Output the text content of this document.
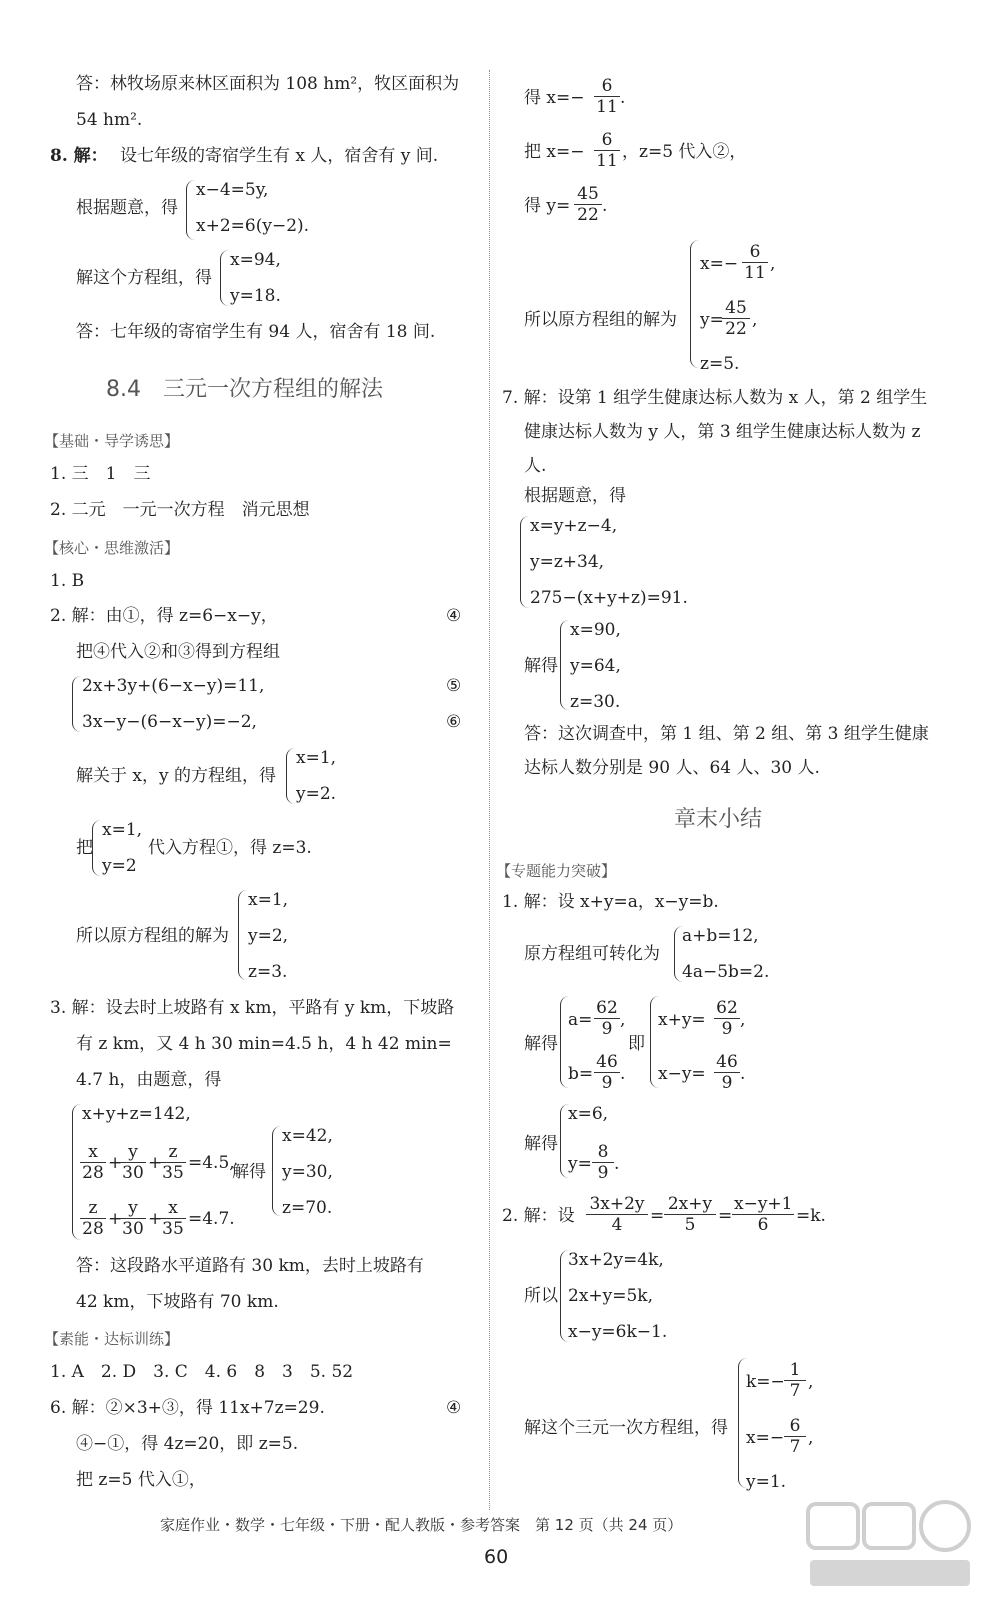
答：林牧场原来林区面积为 108 hm²，牧区面积为
54 hm².
8. 解： 设七年级的寄宿学生有 x 人，宿舍有 y 间.
根据题意，得
x−4=5y,
x+2=6(y−2).
解这个方程组，得
x=94,
y=18.
答：七年级的寄宿学生有 94 人，宿舍有 18 间.
8.4　三元一次方程组的解法
【基础・导学诱思】
1. 三　1　三
2. 二元　一元一次方程　消元思想
【核心・思维激活】
1. B
2. 解：由①，得 z=6−x−y，	④
把④代入②和③得到方程组
2x+3y+(6−x−y)=11,	⑤
3x−y−(6−x−y)=−2,	⑥
解关于 x，y 的方程组，得
x=1,
y=2.
把
x=1,
y=2
代入方程①，得 z=3.
所以原方程组的解为
x=1,
y=2,
z=3.
3. 解：设去时上坡路有 x km，平路有 y km，下坡路
有 z km，又 4 h 30 min=4.5 h，4 h 42 min=
4.7 h，由题意，得
x+y+z=142,
$\frac{x}{28}$ +
$\frac{y}{30}$ +
$\frac{z}{35} =4.5$,
解得
x=42,
y=30,
z=70.
$\frac{z}{28}$ +
$\frac{y}{30}$ +
$\frac{x}{35} =4.7$.
答：这段路水平道路有 30 km，去时上坡路有
42 km，下坡路有 70 km.
【素能・达标训练】
1. A　2. D　3. C　4. 6　8　3　5. 52
6. 解：②×3+③，得 11x+7z=29.	④
④−①，得 4z=20，即 z=5.
把 z=5 代入①，
得 $x=- \frac{6}{11}$ .
把 $x=- \frac{6}{11}$ ，z=5 代入②，
得 $y= \frac{45}{22}$ .
所以原方程组的解为
$x=- \frac{6}{11}$ ,
y=
$\frac{45}{22}$ ,
z=5.
7. 解：设第 1 组学生健康达标人数为 x 人，第 2 组学生
健康达标人数为 y 人，第 3 组学生健康达标人数为 z
人.
根据题意，得
x=y+z−4,
y=z+34,
275−(x+y+z)=91.
解得
x=90,
y=64,
z=30.
答：这次调查中，第 1 组、第 2 组、第 3 组学生健康
达标人数分别是 90 人、64 人、30 人.
章末小结
【专题能力突破】
1. 解：设 x+y=a，x−y=b.
原方程组可转化为
a+b=12,
4a−5b=2.
解得
$a= \frac{62}{9}$ ,
$b= \frac{46}{9}$ .
即
$x+y= \frac{62}{9}$ ,
$x-y= \frac{46}{9}$ .
解得
x=6,
$y= \frac{8}{9}$ .
2. 解：设 $\frac{3x+2y}{4} = \frac{2x+y}{5} = \frac{x-y+1}{6} =k$.
所以
3x+2y=4k,
2x+y=5k,
x−y=6k−1.
解这个三元一次方程组，得
$k=- \frac{1}{7}$ ,
$x=- \frac{6}{7}$ ,
y=1.
家庭作业・数学・七年级・下册・配人教版・参考答案　第 12 页（共 24 页）
60
